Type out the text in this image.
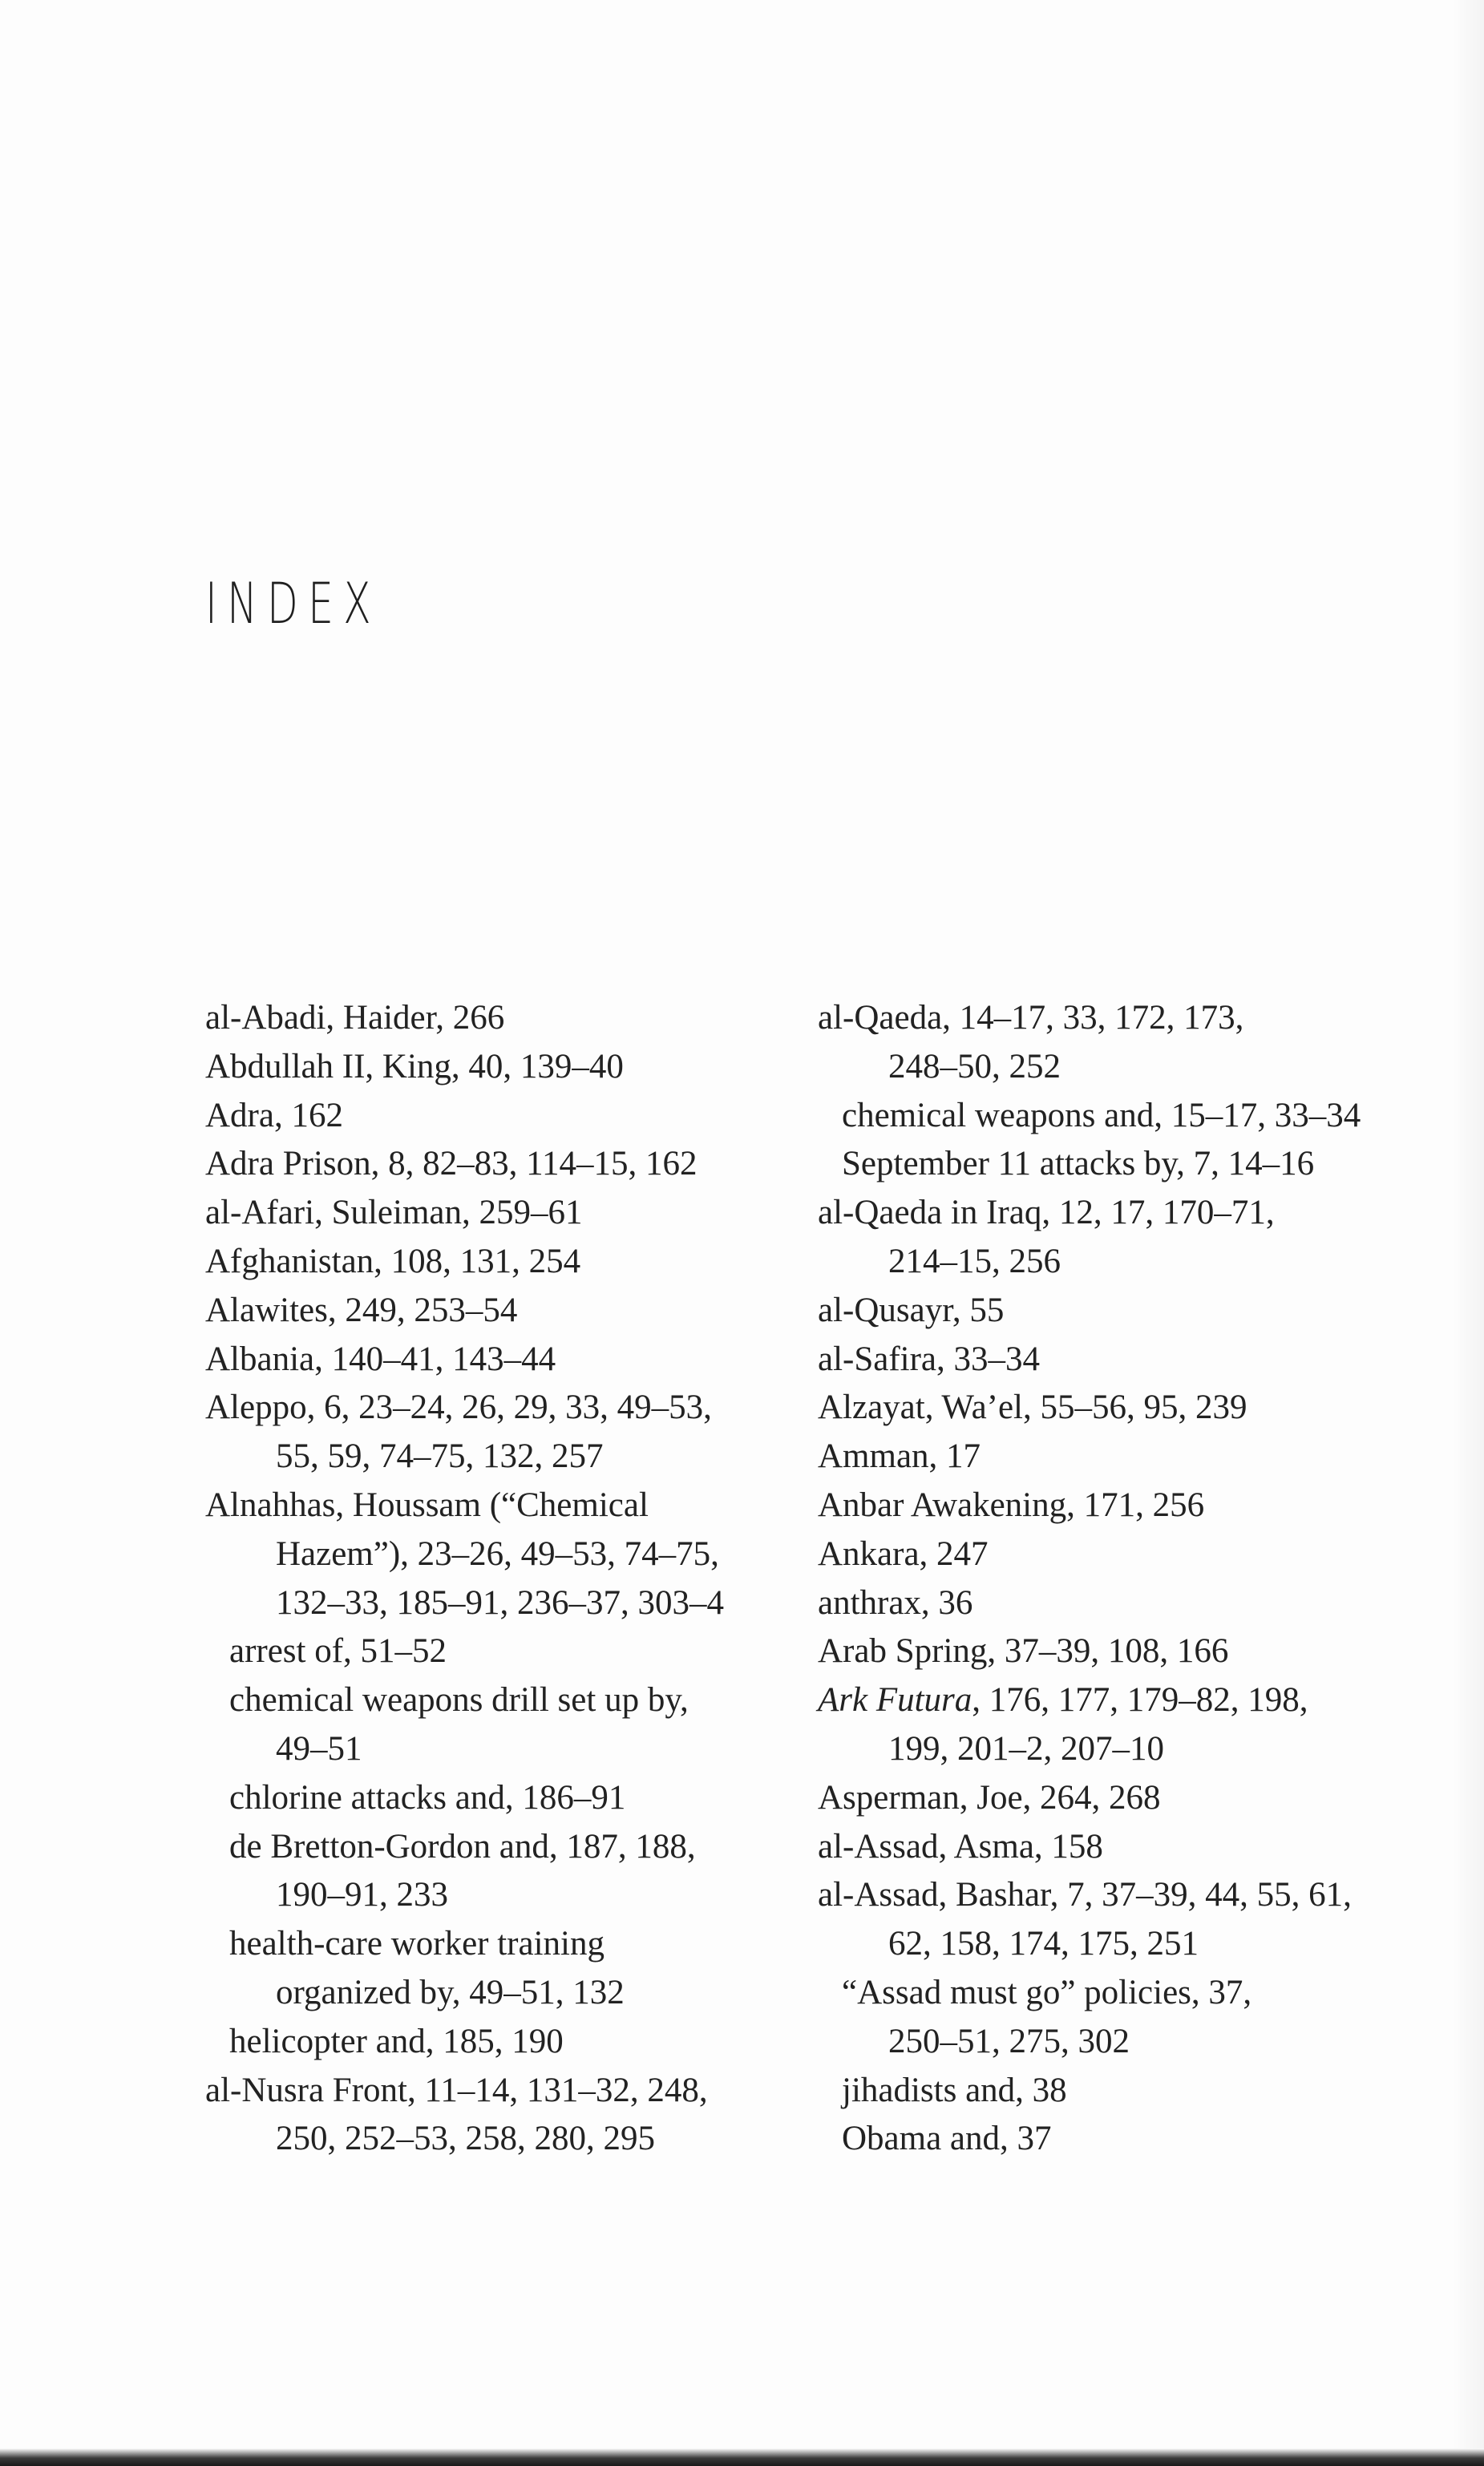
INDEX
al-Abadi, Haider, 266
Abdullah II, King, 40, 139–40
Adra, 162
Adra Prison, 8, 82–83, 114–15, 162
al-Afari, Suleiman, 259–61
Afghanistan, 108, 131, 254
Alawites, 249, 253–54
Albania, 140–41, 143–44
Aleppo, 6, 23–24, 26, 29, 33, 49–53,
55, 59, 74–75, 132, 257
Alnahhas, Houssam (“Chemical
Hazem”), 23–26, 49–53, 74–75,
132–33, 185–91, 236–37, 303–4
arrest of, 51–52
chemical weapons drill set up by,
49–51
chlorine attacks and, 186–91
de Bretton-Gordon and, 187, 188,
190–91, 233
health-care worker training
organized by, 49–51, 132
helicopter and, 185, 190
al-Nusra Front, 11–14, 131–32, 248,
250, 252–53, 258, 280, 295
al-Qaeda, 14–17, 33, 172, 173,
248–50, 252
chemical weapons and, 15–17, 33–34
September 11 attacks by, 7, 14–16
al-Qaeda in Iraq, 12, 17, 170–71,
214–15, 256
al-Qusayr, 55
al-Safira, 33–34
Alzayat, Wa’el, 55–56, 95, 239
Amman, 17
Anbar Awakening, 171, 256
Ankara, 247
anthrax, 36
Arab Spring, 37–39, 108, 166
Ark Futura, 176, 177, 179–82, 198,
199, 201–2, 207–10
Asperman, Joe, 264, 268
al-Assad, Asma, 158
al-Assad, Bashar, 7, 37–39, 44, 55, 61,
62, 158, 174, 175, 251
“Assad must go” policies, 37,
250–51, 275, 302
jihadists and, 38
Obama and, 37
